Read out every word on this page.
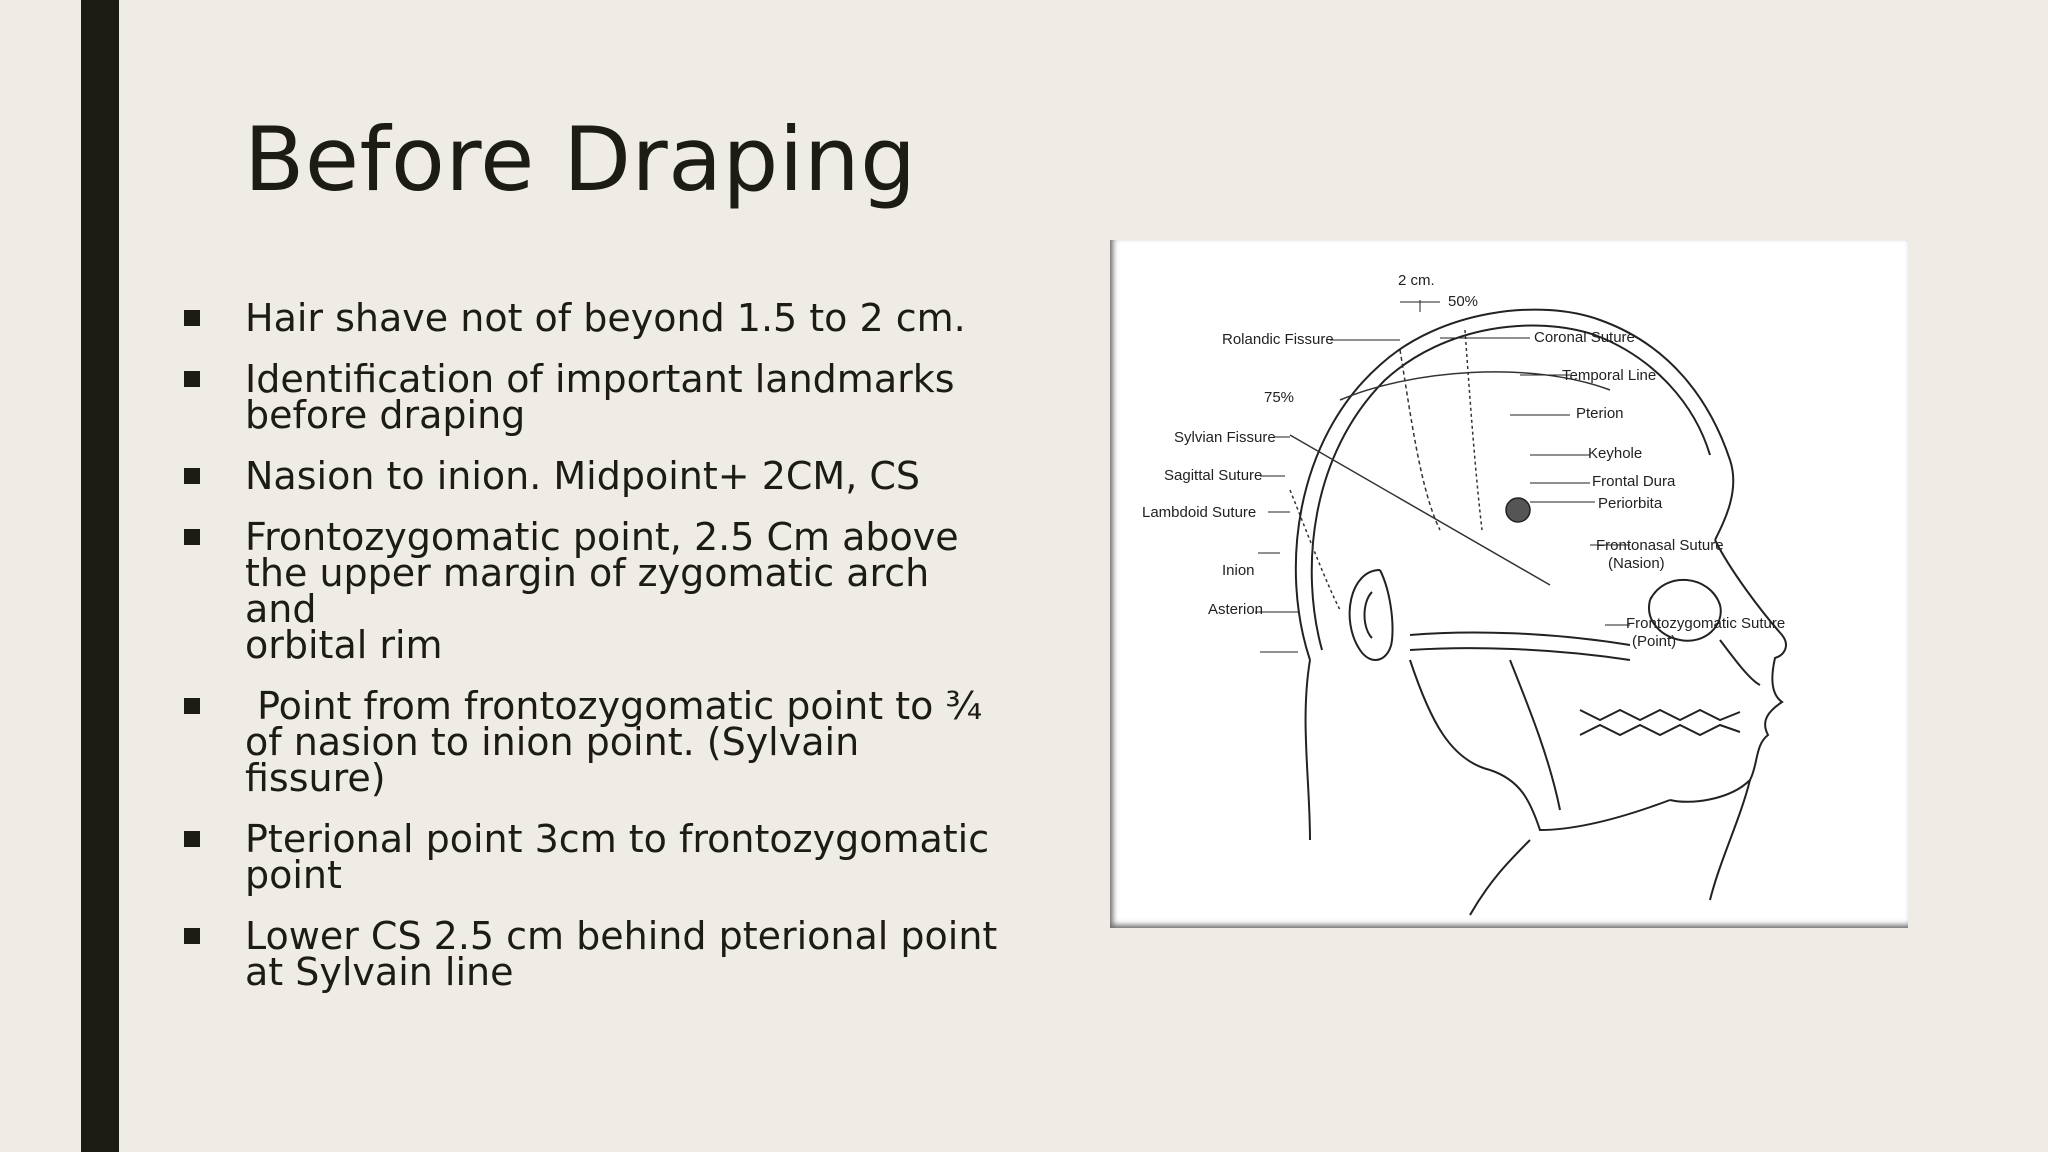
Before Draping
Hair shave not of beyond 1.5 to 2 cm.
Identification of important landmarks
before draping
Nasion to inion. Midpoint+ 2CM, CS
Frontozygomatic point, 2.5 Cm above
the upper margin of zygomatic arch and
orbital rim
Point from frontozygomatic point to ¾
of nasion to inion point. (Sylvain fissure)
Pterional point 3cm to frontozygomatic
point
Lower CS 2.5 cm behind pterional point
at Sylvain line
2 cm.
50%
Rolandic Fissure
75%
Sylvian Fissure
Sagittal Suture
Lambdoid Suture
Inion
Asterion
Coronal Suture
Temporal Line
Pterion
Keyhole
Frontal Dura
Periorbita
Frontonasal Suture
(Nasion)
Frontozygomatic Suture
(Point)
